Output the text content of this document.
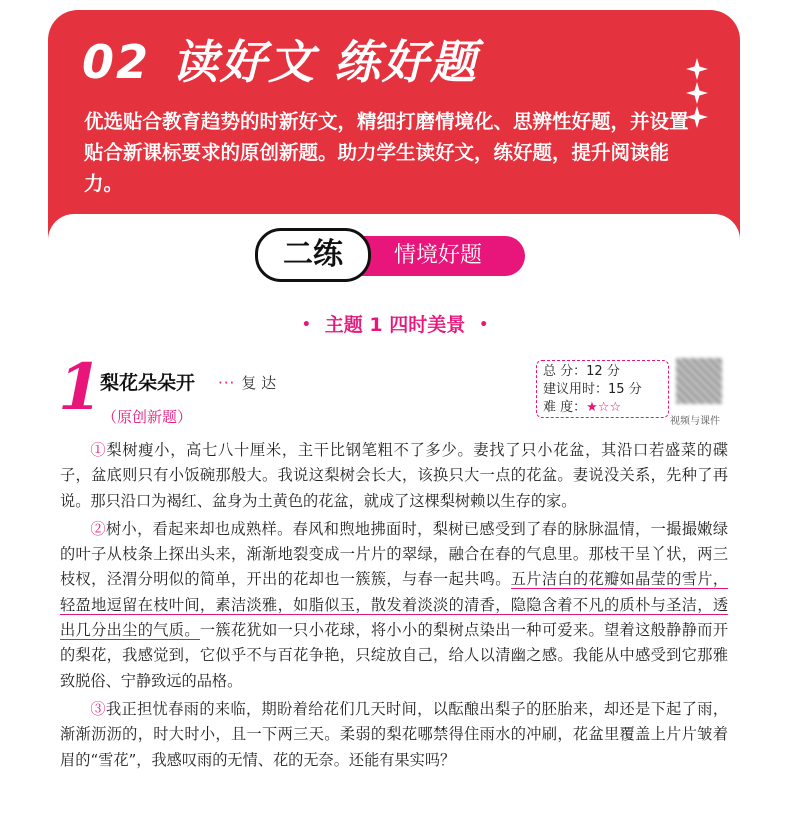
02 读好文 练好题
优选贴合教育趋势的时新好文，精细打磨情境化、思辨性好题，并设置贴合新课标要求的原创新题。助力学生读好文，练好题，提升阅读能力。
二练	情境好题
• 主题 1 四时美景 •
1
梨花朵朵开 ··· 复 达
（原创新题）
总 分：12 分
建议用时：15 分
难 度：★☆☆
视频与课件

①梨树瘦小，高七八十厘米，主干比钢笔粗不了多少。妻找了只小花盆，其沿口若盛菜的碟子，盆底则只有小饭碗那般大。我说这梨树会长大，该换只大一点的花盆。妻说没关系，先种了再说。那只沿口为褐红、盆身为土黄色的花盆，就成了这棵梨树赖以生存的家。

②树小，看起来却也成熟样。春风和煦地拂面时，梨树已感受到了春的脉脉温情，一撮撮嫩绿的叶子从枝条上探出头来，渐渐地裂变成一片片的翠绿，融合在春的气息里。那枝干呈丫状，两三枝杈，泾渭分明似的简单，开出的花却也一簇簇，与春一起共鸣。五片洁白的花瓣如晶莹的雪片，轻盈地逗留在枝叶间，素洁淡雅，如脂似玉，散发着淡淡的清香，隐隐含着不凡的质朴与圣洁，透出几分出尘的气质。一簇花犹如一只小花球，将小小的梨树点染出一种可爱来。望着这般静静而开的梨花，我感觉到，它似乎不与百花争艳，只绽放自己，给人以清幽之感。我能从中感受到它那雅致脱俗、宁静致远的品格。

③我正担忧春雨的来临，期盼着给花们几天时间，以酝酿出梨子的胚胎来，却还是下起了雨，渐渐沥沥的，时大时小，且一下两三天。柔弱的梨花哪禁得住雨水的冲刷，花盆里覆盖上片片皱着眉的“雪花”，我感叹雨的无情、花的无奈。还能有果实吗？
